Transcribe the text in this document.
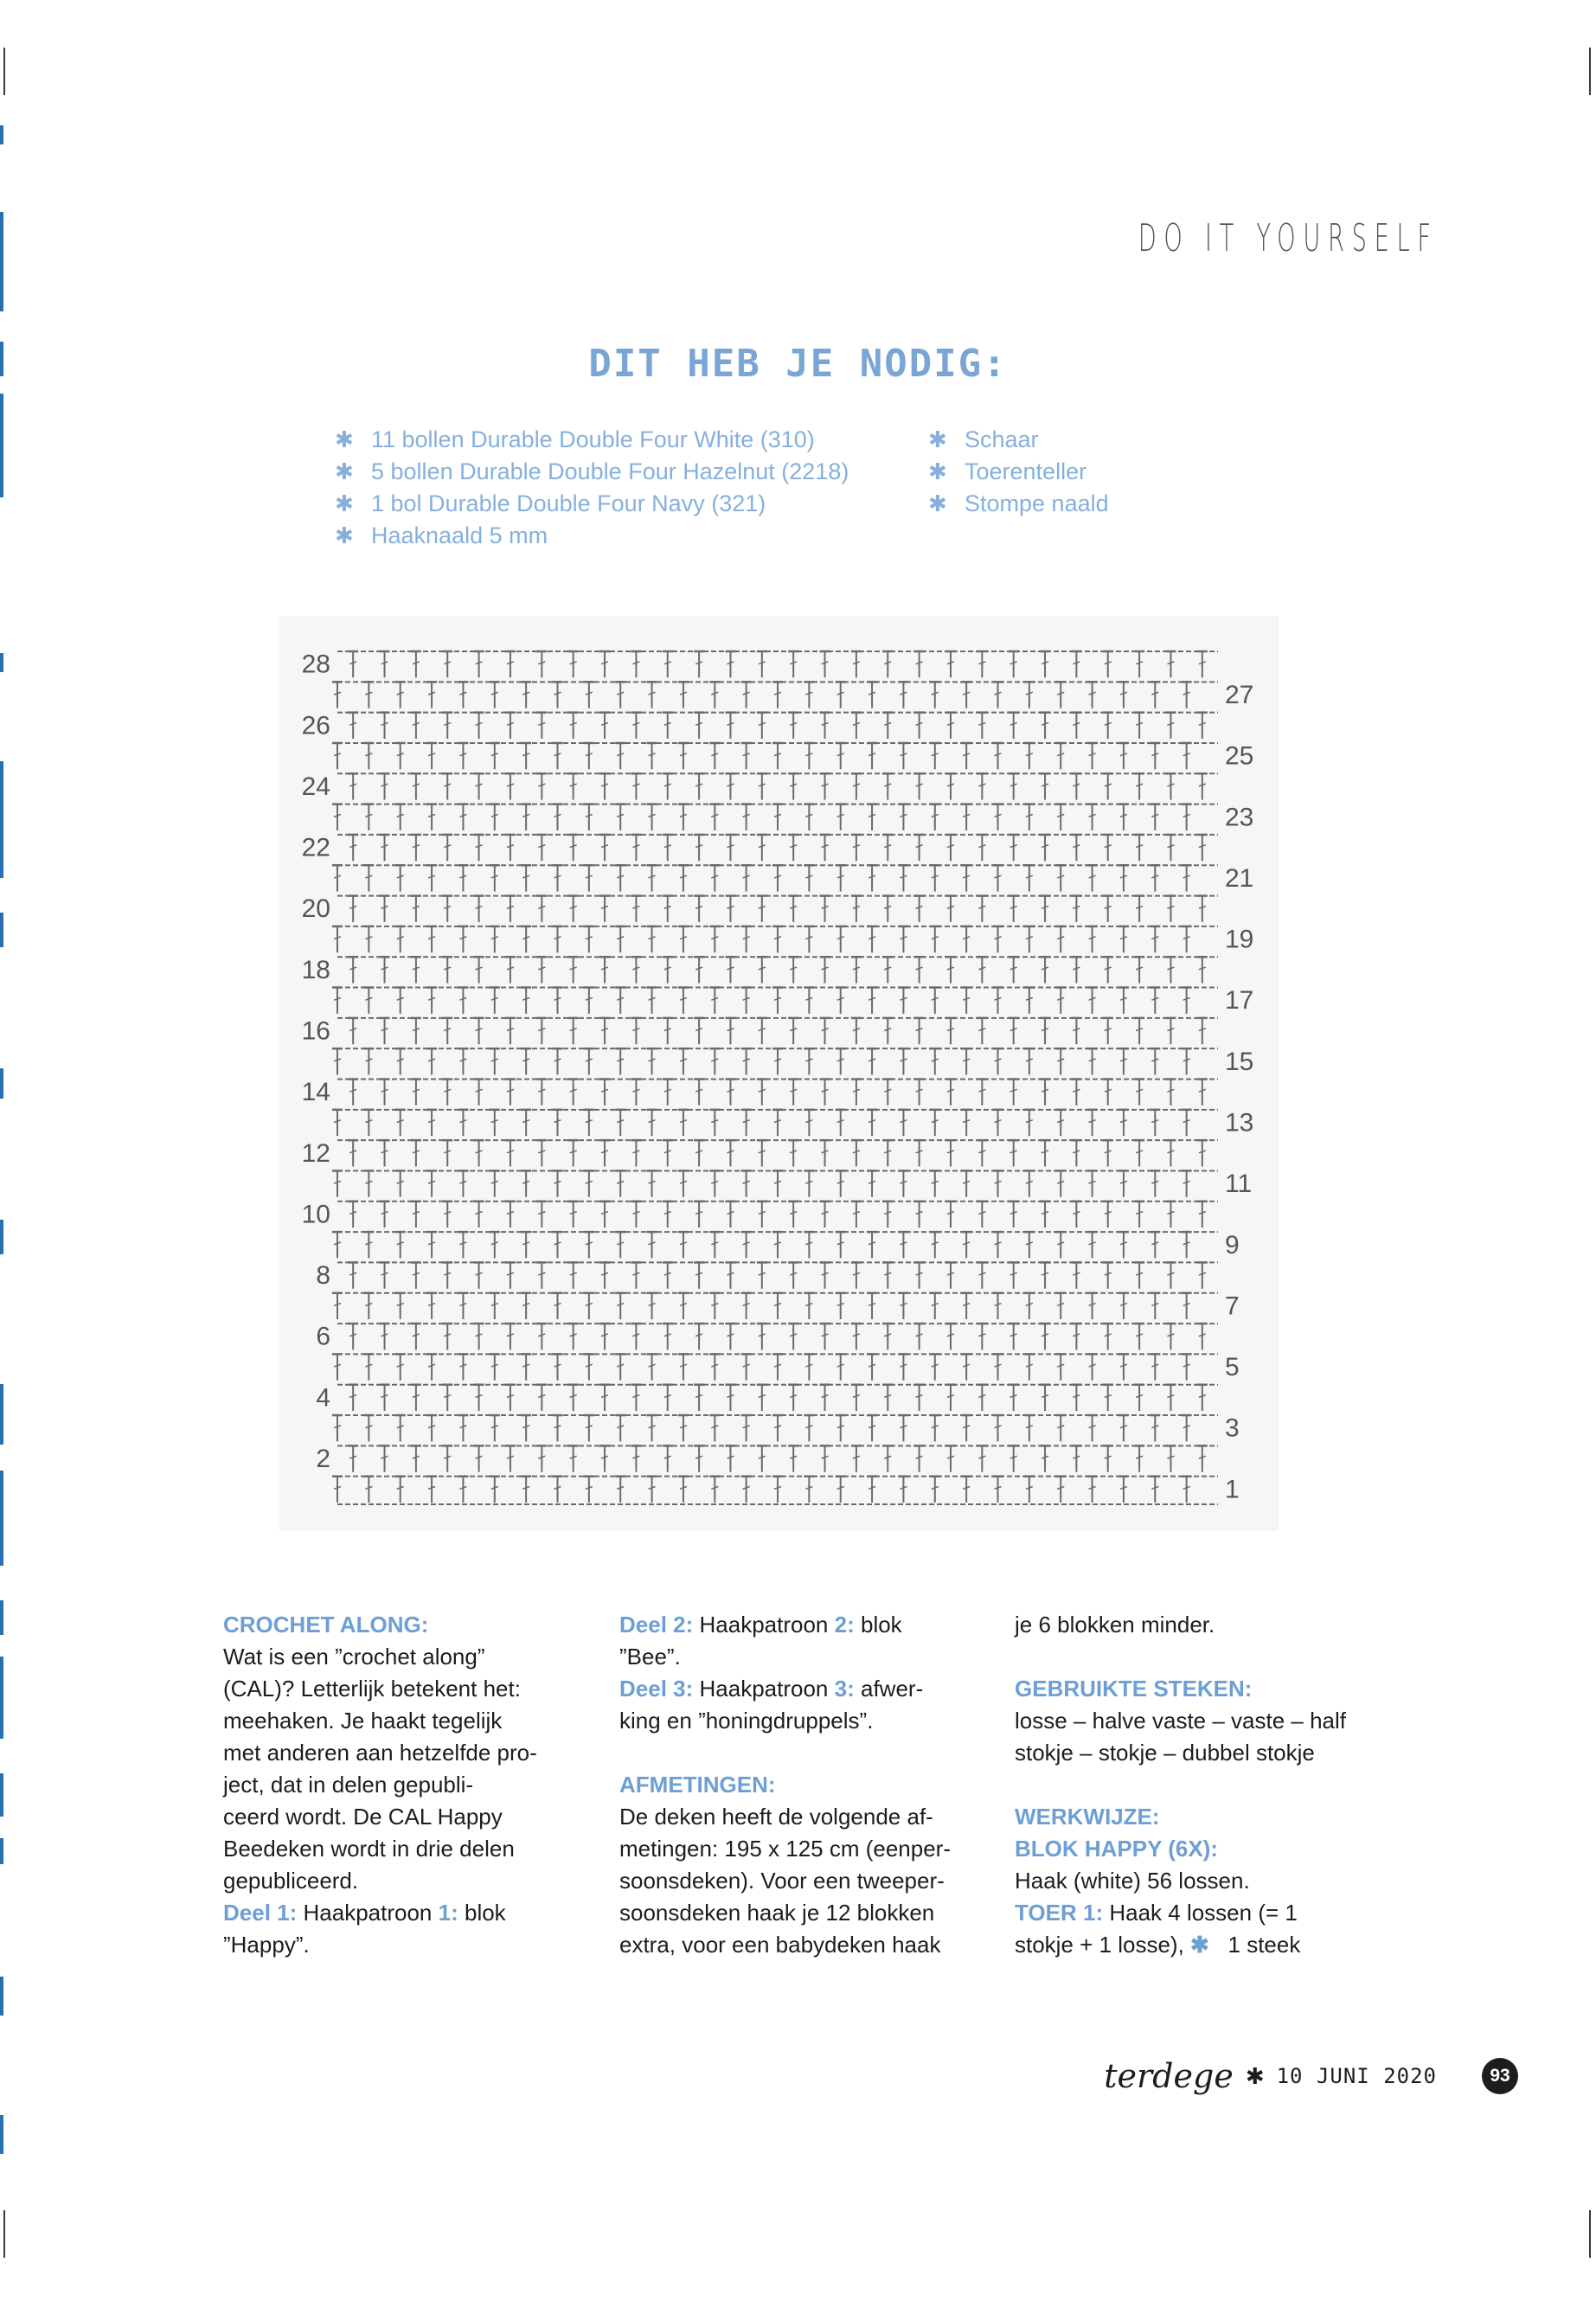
DO IT YOURSELF
DIT HEB JE NODIG:
✱ 11 bollen Durable Double Four White (310)
✱ 5 bollen Durable Double Four Hazelnut (2218)
✱ 1 bol Durable Double Four Navy (321)
✱ Haaknaald 5 mm
✱ Schaar
✱ Toerenteller
✱ Stompe naald
28
26
24
22
20
18
16
14
12
10
8
6
4
2
27
25
23
21
19
17
15
13
11
9
7
5
3
1

CROCHET ALONG:

Wat is een ”crochet along”

(CAL)? Letterlijk betekent het:

meehaken. Je haakt tegelijk

met anderen aan hetzelfde pro-

ject, dat in delen gepubli-

ceerd wordt. De CAL Happy

Beedeken wordt in drie delen

gepubliceerd.

Deel 1: Haakpatroon 1: blok

”Happy”.

Deel 2: Haakpatroon 2: blok

”Bee”.

Deel 3: Haakpatroon 3: afwer-

king en ”honingdruppels”.

AFMETINGEN:

De deken heeft de volgende af-

metingen: 195 x 125 cm (eenper-

soonsdeken). Voor een tweeper-

soonsdeken haak je 12 blokken

extra, voor een babydeken haak

je 6 blokken minder.

GEBRUIKTE STEKEN:

losse – halve vaste – vaste – half

stokje – stokje – dubbel stokje

WERKWIJZE:

BLOK HAPPY (6X):

Haak (white) 56 lossen.

TOER 1: Haak 4 lossen (= 1

stokje + 1 losse), ✱ 1 steek

terdege ✱ 10 JUNI 2020	93
